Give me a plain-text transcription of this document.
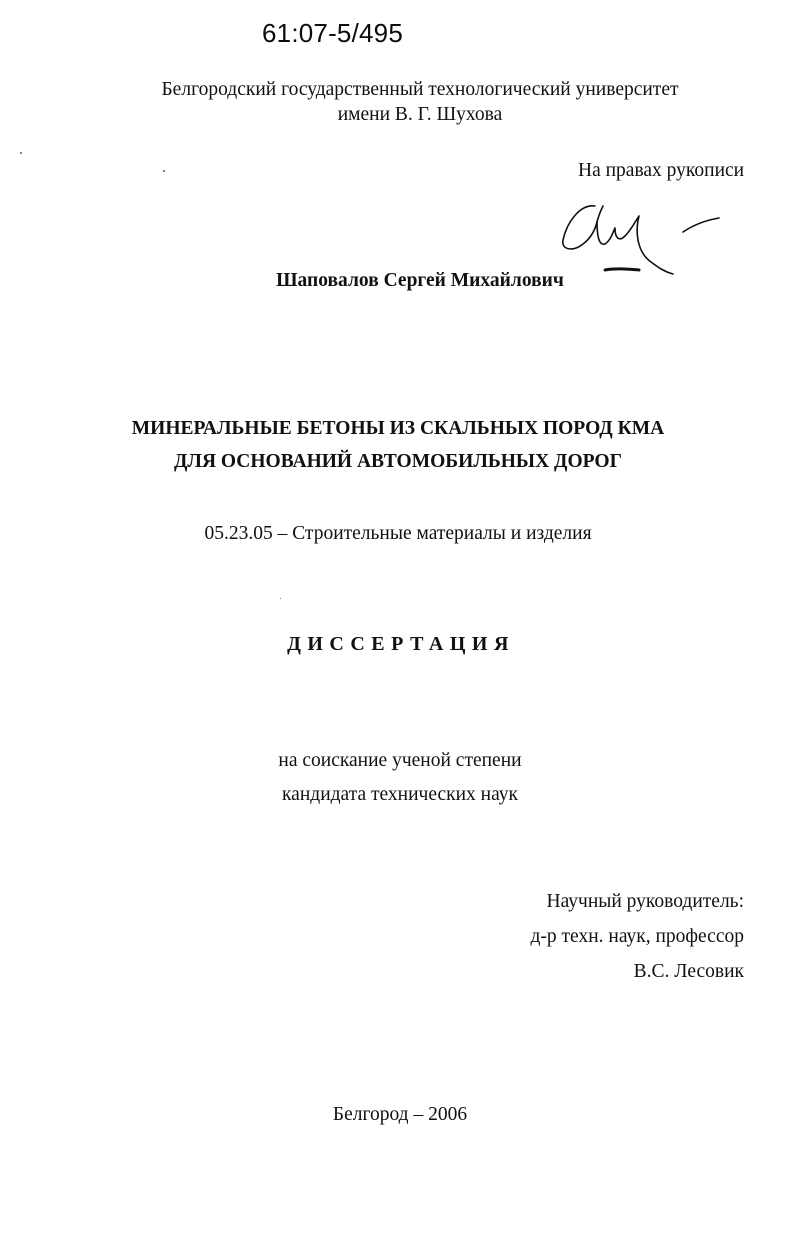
61:07-5/495
Белгородский государственный технологический университет
имени В. Г. Шухова
На правах рукописи
Шаповалов Сергей Михайлович
МИНЕРАЛЬНЫЕ БЕТОНЫ ИЗ СКАЛЬНЫХ ПОРОД КМА
ДЛЯ ОСНОВАНИЙ АВТОМОБИЛЬНЫХ ДОРОГ
05.23.05 – Строительные материалы и изделия
ДИССЕРТАЦИЯ
на соискание ученой степени
кандидата технических наук
Научный руководитель:
д-р техн. наук, профессор
В.С. Лесовик
Белгород – 2006
